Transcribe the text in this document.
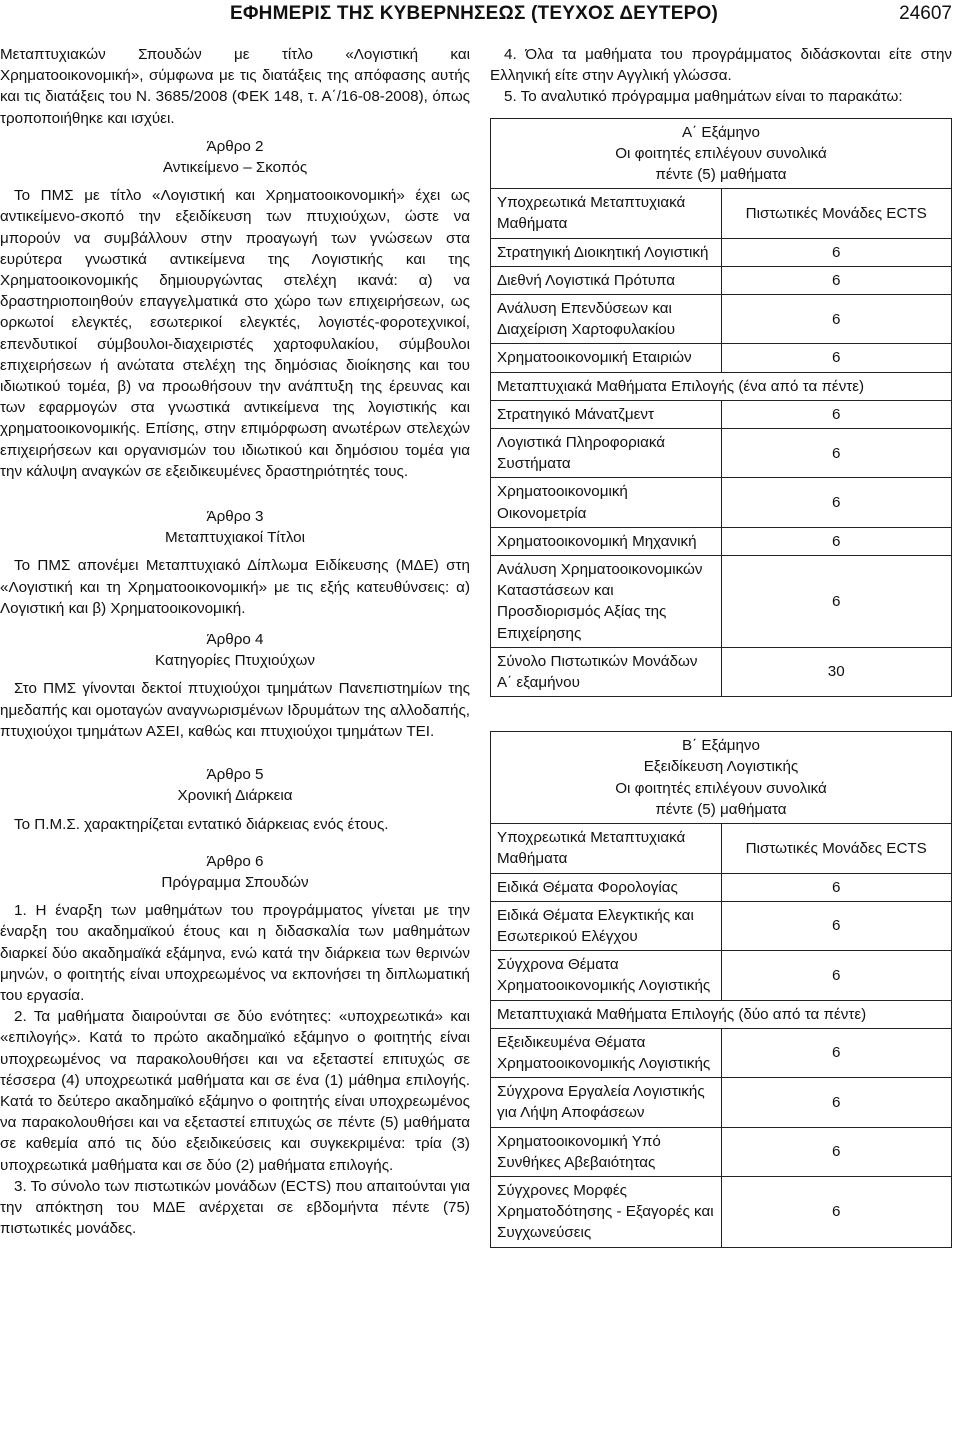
ΕΦΗΜΕΡΙΣ ΤΗΣ ΚΥΒΕΡΝΗΣΕΩΣ (ΤΕΥΧΟΣ ΔΕΥΤΕΡΟ)	24607

Μεταπτυχιακών Σπουδών με τίτλο «Λογιστική και Χρηματοοικονομική», σύμφωνα με τις διατάξεις της απόφασης αυτής και τις διατάξεις του Ν. 3685/2008 (ΦΕΚ 148, τ. Α΄/16-08-2008), όπως τροποποιήθηκε και ισχύει.

Άρθρο 2

Αντικείμενο – Σκοπός

Το ΠΜΣ με τίτλο «Λογιστική και Χρηματοοικονομική» έχει ως αντικείμενο-σκοπό την εξειδίκευση των πτυχιούχων, ώστε να μπορούν να συμβάλλουν στην προαγωγή των γνώσεων στα ευρύτερα γνωστικά αντικείμενα της Λογιστικής και της Χρηματοοικονομικής δημιουργώντας στελέχη ικανά: α) να δραστηριοποιηθούν επαγγελματικά στο χώρο των επιχειρήσεων, ως ορκωτοί ελεγκτές, εσωτερικοί ελεγκτές, λογιστές-φοροτεχνικοί, επενδυτικοί σύμβουλοι-διαχειριστές χαρτοφυλακίου, σύμβουλοι επιχειρήσεων ή ανώτατα στελέχη της δημόσιας διοίκησης και του ιδιωτικού τομέα, β) να προωθήσουν την ανάπτυξη της έρευνας και των εφαρμογών στα γνωστικά αντικείμενα της λογιστικής και χρηματοοικονομικής. Επίσης, στην επιμόρφωση ανωτέρων στελεχών επιχειρήσεων και οργανισμών του ιδιωτικού και δημόσιου τομέα για την κάλυψη αναγκών σε εξειδικευμένες δραστηριότητές τους.

Άρθρο 3

Μεταπτυχιακοί Τίτλοι

Το ΠΜΣ απονέμει Μεταπτυχιακό Δίπλωμα Ειδίκευσης (ΜΔΕ) στη «Λογιστική και τη Χρηματοοικονομική» με τις εξής κατευθύνσεις: α) Λογιστική και β) Χρηματοοικονομική.

Άρθρο 4

Κατηγορίες Πτυχιούχων

Στο ΠΜΣ γίνονται δεκτοί πτυχιούχοι τμημάτων Πανεπιστημίων της ημεδαπής και ομοταγών αναγνωρισμένων Ιδρυμάτων της αλλοδαπής, πτυχιούχοι τμημάτων ΑΣΕΙ, καθώς και πτυχιούχοι τμημάτων ΤΕΙ.

Άρθρο 5

Χρονική Διάρκεια

Το Π.Μ.Σ. χαρακτηρίζεται εντατικό διάρκειας ενός έτους.

Άρθρο 6

Πρόγραμμα Σπουδών

1. Η έναρξη των μαθημάτων του προγράμματος γίνεται με την έναρξη του ακαδημαϊκού έτους και η διδασκαλία των μαθημάτων διαρκεί δύο ακαδημαϊκά εξάμηνα, ενώ κατά την διάρκεια των θερινών μηνών, ο φοιτητής είναι υποχρεωμένος να εκπονήσει τη διπλωματική του εργασία.

2. Τα μαθήματα διαιρούνται σε δύο ενότητες: «υποχρεωτικά» και «επιλογής». Κατά το πρώτο ακαδημαϊκό εξάμηνο ο φοιτητής είναι υποχρεωμένος να παρακολουθήσει και να εξεταστεί επιτυχώς σε τέσσερα (4) υποχρεωτικά μαθήματα και σε ένα (1) μάθημα επιλογής. Κατά το δεύτερο ακαδημαϊκό εξάμηνο ο φοιτητής είναι υποχρεωμένος να παρακολουθήσει και να εξεταστεί επιτυχώς σε πέντε (5) μαθήματα σε καθεμία από τις δύο εξειδικεύσεις και συγκεκριμένα: τρία (3) υποχρεωτικά μαθήματα και σε δύο (2) μαθήματα επιλογής.

3. Το σύνολο των πιστωτικών μονάδων (ECTS) που απαιτούνται για την απόκτηση του ΜΔΕ ανέρχεται σε εβδομήντα πέντε (75) πιστωτικές μονάδες.

4. Όλα τα μαθήματα του προγράμματος διδάσκονται είτε στην Ελληνική είτε στην Αγγλική γλώσσα.

5. Το αναλυτικό πρόγραμμα μαθημάτων είναι το παρακάτω:

Α΄ Εξάμηνο
Οι φοιτητές επιλέγουν συνολικά
πέντε (5) μαθήματα	

Υποχρεωτικά Μεταπτυχιακά Μαθήματα	Πιστωτικές Μονάδες ECTS
Στρατηγική Διοικητική Λογιστική	6
Διεθνή Λογιστικά Πρότυπα	6
Ανάλυση Επενδύσεων και Διαχείριση Χαρτοφυλακίου	6
Χρηματοοικονομική Εταιριών	6
Μεταπτυχιακά Μαθήματα Επιλογής (ένα από τα πέντε)	
Στρατηγικό Μάνατζμεντ	6
Λογιστικά Πληροφοριακά Συστήματα	6
Χρηματοοικονομική Οικονομετρία	6
Χρηματοοικονομική Μηχανική	6
Ανάλυση Χρηματοοικονομικών Καταστάσεων και Προσδιορισμός Αξίας της Επιχείρησης	6
Σύνολο Πιστωτικών Μονάδων Α΄ εξαμήνου	30
Β΄ Εξάμηνο
Εξειδίκευση Λογιστικής
Οι φοιτητές επιλέγουν συνολικά
πέντε (5) μαθήματα	

Υποχρεωτικά Μεταπτυχιακά Μαθήματα	Πιστωτικές Μονάδες ECTS
Ειδικά Θέματα Φορολογίας	6
Ειδικά Θέματα Ελεγκτικής και Εσωτερικού Ελέγχου	6
Σύγχρονα Θέματα Χρηματοοικονομικής Λογιστικής	6
Μεταπτυχιακά Μαθήματα Επιλογής (δύο από τα πέντε)	
Εξειδικευμένα Θέματα Χρηματοοικονομικής Λογιστικής	6
Σύγχρονα Εργαλεία Λογιστικής για Λήψη Αποφάσεων	6
Χρηματοοικονομική Υπό Συνθήκες Αβεβαιότητας	6
Σύγχρονες Μορφές Χρηματοδότησης - Εξαγορές και Συγχωνεύσεις	6
